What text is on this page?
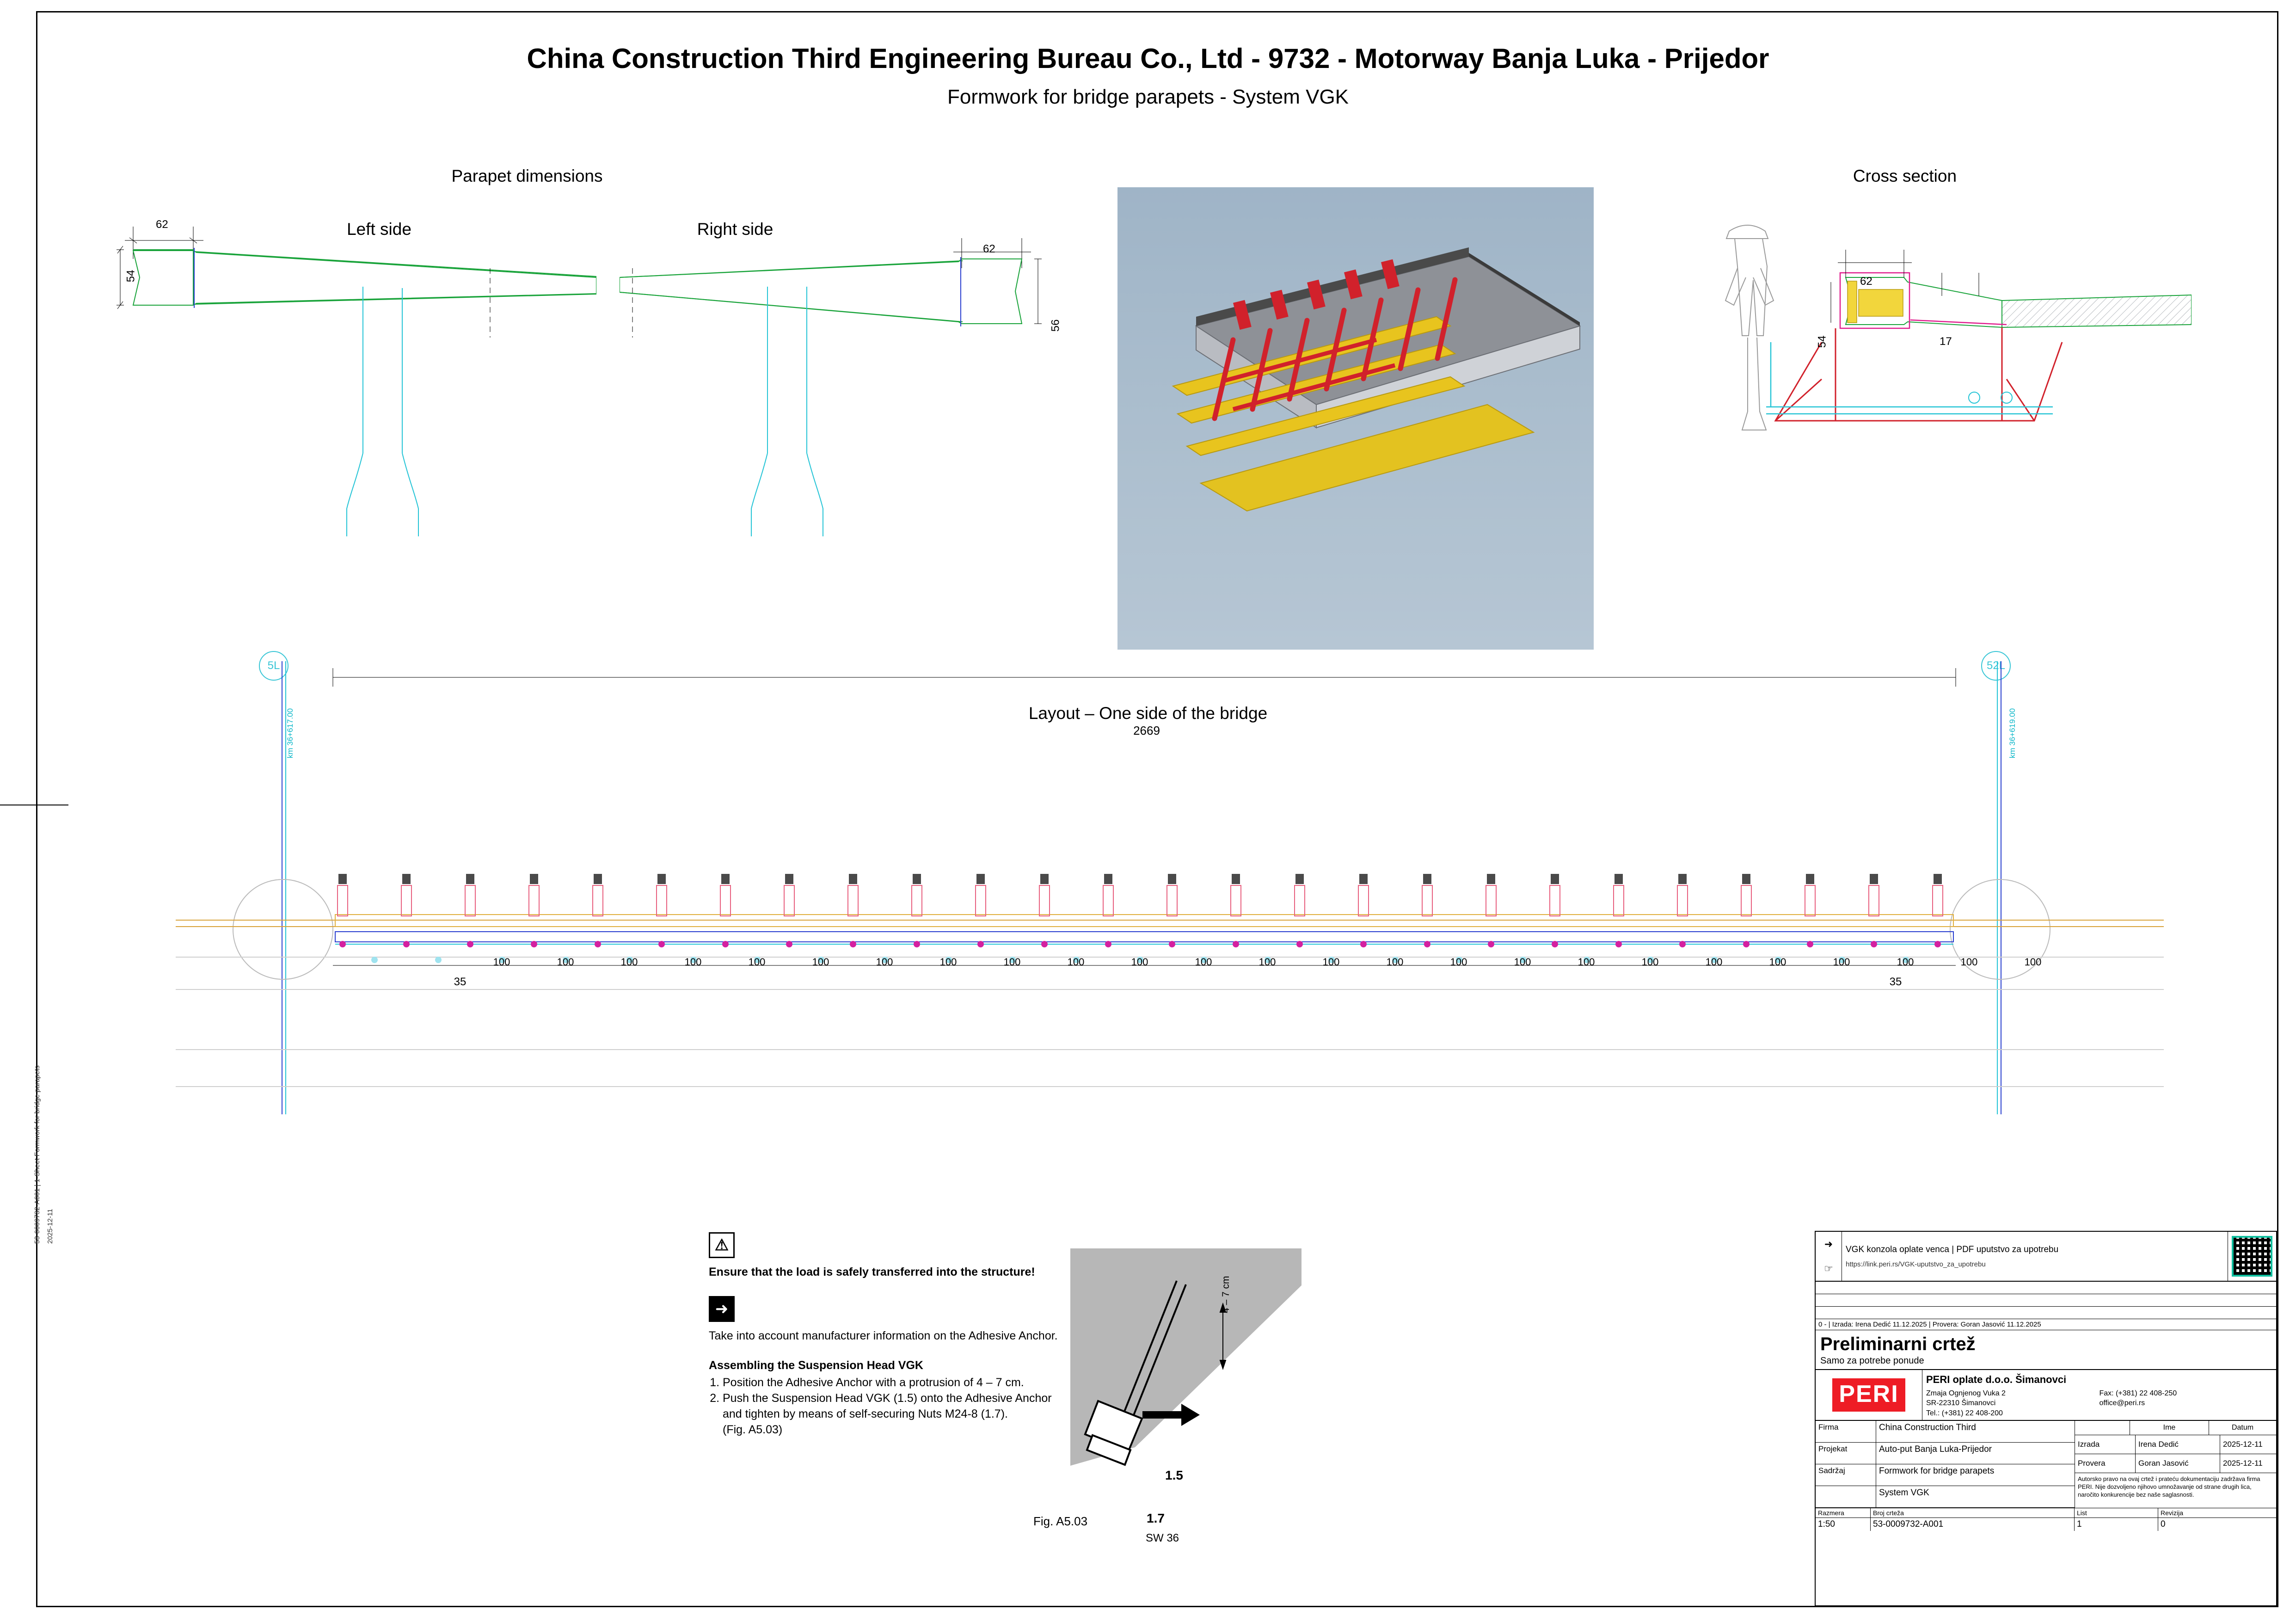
China Construction Third Engineering Bureau Co., Ltd - 9732 - Motorway Banja Luka - Prijedor
Formwork for bridge parapets - System VGK
Parapet dimensions
Left side	Right side
Cross section
Layout – One side of the bridge
62
54
62
56
62
54	17
5L
km 36+617.00
52L
km 36+619.00
2669
100	100	100	100	100	100	100	100	100	100	100	100	100	100	100	100	100	100	100	100	100	100	100	100	100
35	35
⚠
Ensure that the load is safely transferred into the structure!
➜

Take into account manufacturer information on the Adhesive Anchor.

Assembling the Suspension Head VGK
1. Position the Adhesive Anchor with a protrusion of 4 – 7 cm.
2. Push the Suspension Head VGK (1.5) onto the Adhesive Anchor and tighten by means of self-securing Nuts M24-8 (1.7).

(Fig. A5.03)

4 – 7 cm
Fig. A5.03
1.5
1.7
SW 36
➜
☞
VGK konzola oplate venca | PDF uputstvo za upotrebu
https://link.peri.rs/VGK-uputstvo_za_upotrebu
0 - | Izrada: Irena Dedić 11.12.2025 | Provera: Goran Jasović 11.12.2025
Preliminarni crtež
Samo za potrebe ponude
PERI
PERI oplate d.o.o. Šimanovci
Zmaja Ognjenog Vuka 2
SR-22310 Šimanovci
Tel.: (+381) 22 408-200
Fax: (+381) 22 408-250
office@peri.rs
Firma	China Construction Third
Projekat	Auto-put Banja Luka-Prijedor
Sadržaj	Formwork for bridge parapets
System VGK
Ime	Datum
Izrada	Irena Dedić	2025-12-11
Provera	Goran Jasović	2025-12-11
Autorsko pravo na ovaj crtež i prateću dokumentaciju zadržava firma PERI. Nije dozvoljeno njihovo umnožavanje od strane drugih lica, naročito konkurencije bez naše saglasnosti.
Razmera
1:50
Broj crteža
53-0009732-A001
List
1
Revizija
0
53-0009732-A001 | 1-Sheet Formwork for bridge parapets 2025-12-11
